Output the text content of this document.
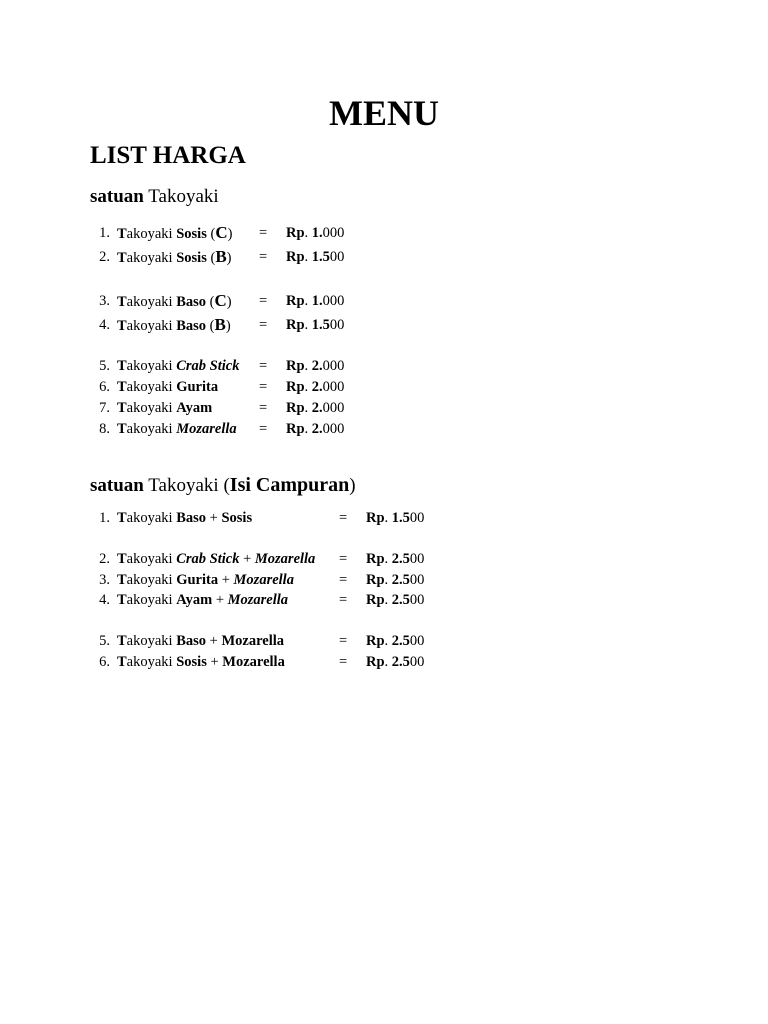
MENU
LIST HARGA
satuan Takoyaki
1. Takoyaki Sosis (C) = Rp. 1.000
2. Takoyaki Sosis (B) = Rp. 1.500
3. Takoyaki Baso (C) = Rp. 1.000
4. Takoyaki Baso (B) = Rp. 1.500
5. Takoyaki Crab Stick = Rp. 2.000
6. Takoyaki Gurita	= Rp. 2.000
7. Takoyaki Ayam	= Rp. 2.000
8. Takoyaki Mozarella = Rp. 2.000
satuan Takoyaki (Isi Campuran)
1. Takoyaki Baso + Sosis	= Rp. 1.500
2. Takoyaki Crab Stick + Mozarella = Rp. 2.500
3. Takoyaki Gurita + Mozarella	= Rp. 2.500
4. Takoyaki Ayam + Mozarella	= Rp. 2.500
5. Takoyaki Baso + Mozarella	= Rp. 2.500
6. Takoyaki Sosis + Mozarella	= Rp. 2.500
